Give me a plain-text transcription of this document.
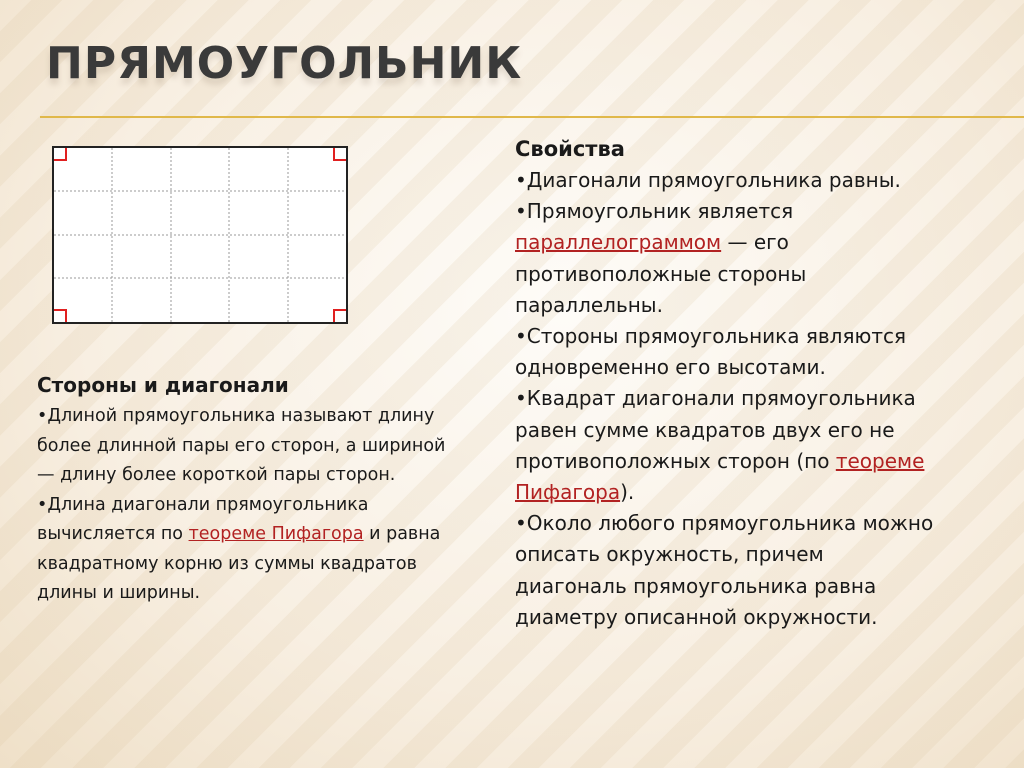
ПРЯМОУГОЛЬНИК
Стороны и диагонали

•Длиной прямоугольника называют длину более длинной пары его сторон, а шириной — длину более короткой пары сторон.

•Длина диагонали прямоугольника вычисляется по теореме Пифагора и равна квадратному корню из суммы квадратов длины и ширины.

Свойства

•Диагонали прямоугольника равны.

•Прямоугольник является параллелограммом — его противоположные стороны параллельны.

•Стороны прямоугольника являются одновременно его высотами.

•Квадрат диагонали прямоугольника равен сумме квадратов двух его не противоположных сторон (по теореме Пифагора).

•Около любого прямоугольника можно описать окружность, причем диагональ прямоугольника равна диаметру описанной окружности.
